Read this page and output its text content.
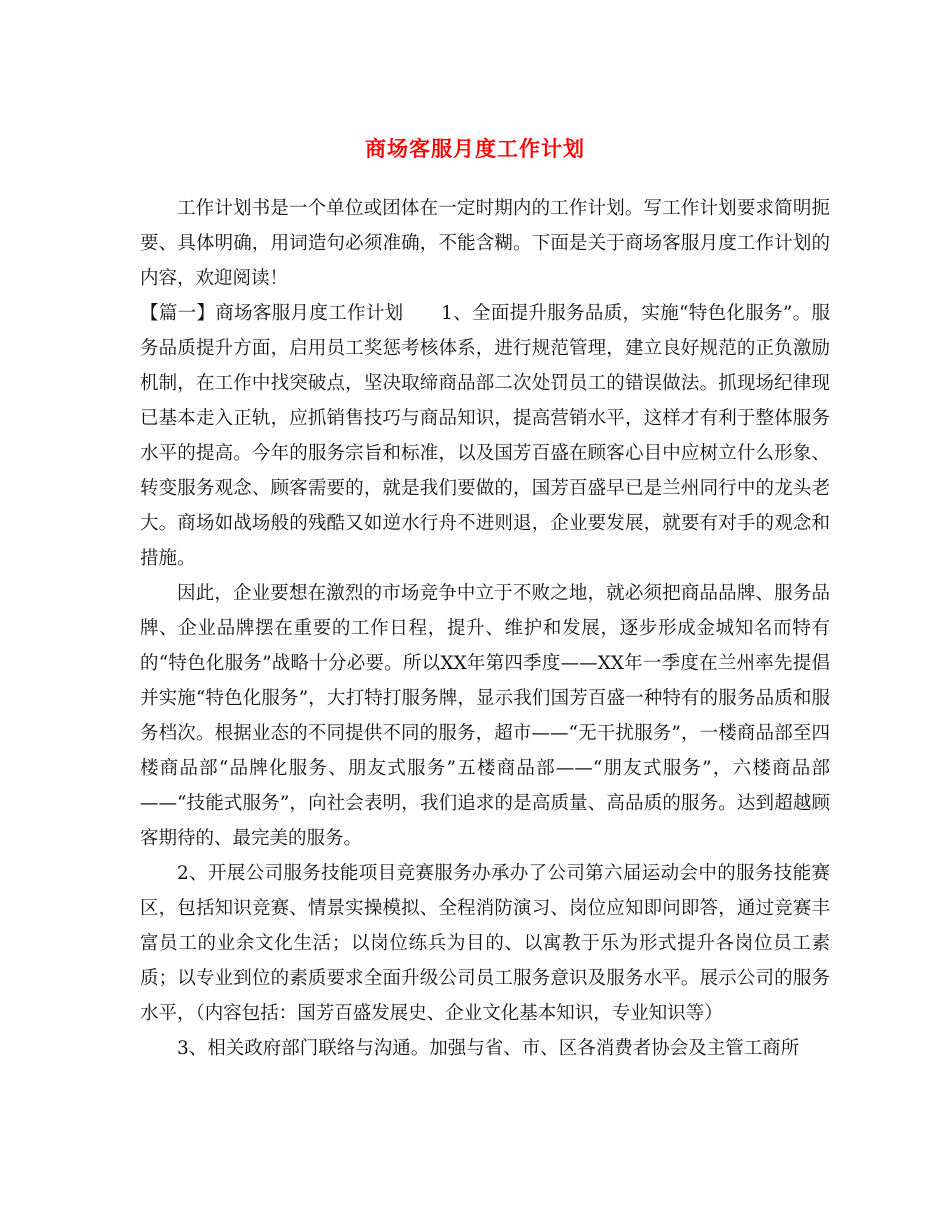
商场客服月度工作计划

工作计划书是一个单位或团体在一定时期内的工作计划。写工作计划要求简明扼要、具体明确，用词造句必须准确，不能含糊。下面是关于商场客服月度工作计划的内容，欢迎阅读！

【篇一】商场客服月度工作计划　　1、全面提升服务品质，实施“特色化服务”。服务品质提升方面，启用员工奖惩考核体系，进行规范管理，建立良好规范的正负激励机制，在工作中找突破点，坚决取缔商品部二次处罚员工的错误做法。抓现场纪律现已基本走入正轨，应抓销售技巧与商品知识，提高营销水平，这样才有利于整体服务水平的提高。今年的服务宗旨和标准，以及国芳百盛在顾客心目中应树立什么形象、转变服务观念、顾客需要的，就是我们要做的，国芳百盛早已是兰州同行中的龙头老大。商场如战场般的残酷又如逆水行舟不进则退，企业要发展，就要有对手的观念和措施。

因此，企业要想在激烈的市场竞争中立于不败之地，就必须把商品品牌、服务品牌、企业品牌摆在重要的工作日程，提升、维护和发展，逐步形成金城知名而特有的“特色化服务”战略十分必要。所以XX年第四季度——XX年一季度在兰州率先提倡并实施“特色化服务”，大打特打服务牌，显示我们国芳百盛一种特有的服务品质和服务档次。根据业态的不同提供不同的服务，超市——“无干扰服务”，一楼商品部至四楼商品部“品牌化服务、朋友式服务”五楼商品部——“朋友式服务”，六楼商品部——“技能式服务”，向社会表明，我们追求的是高质量、高品质的服务。达到超越顾客期待的、最完美的服务。

2、开展公司服务技能项目竞赛服务办承办了公司第六届运动会中的服务技能赛区，包括知识竞赛、情景实操模拟、全程消防演习、岗位应知即问即答，通过竞赛丰富员工的业余文化生活；以岗位练兵为目的、以寓教于乐为形式提升各岗位员工素质；以专业到位的素质要求全面升级公司员工服务意识及服务水平。展示公司的服务水平，（内容包括：国芳百盛发展史、企业文化基本知识，专业知识等）

3、相关政府部门联络与沟通。加强与省、市、区各消费者协会及主管工商所
